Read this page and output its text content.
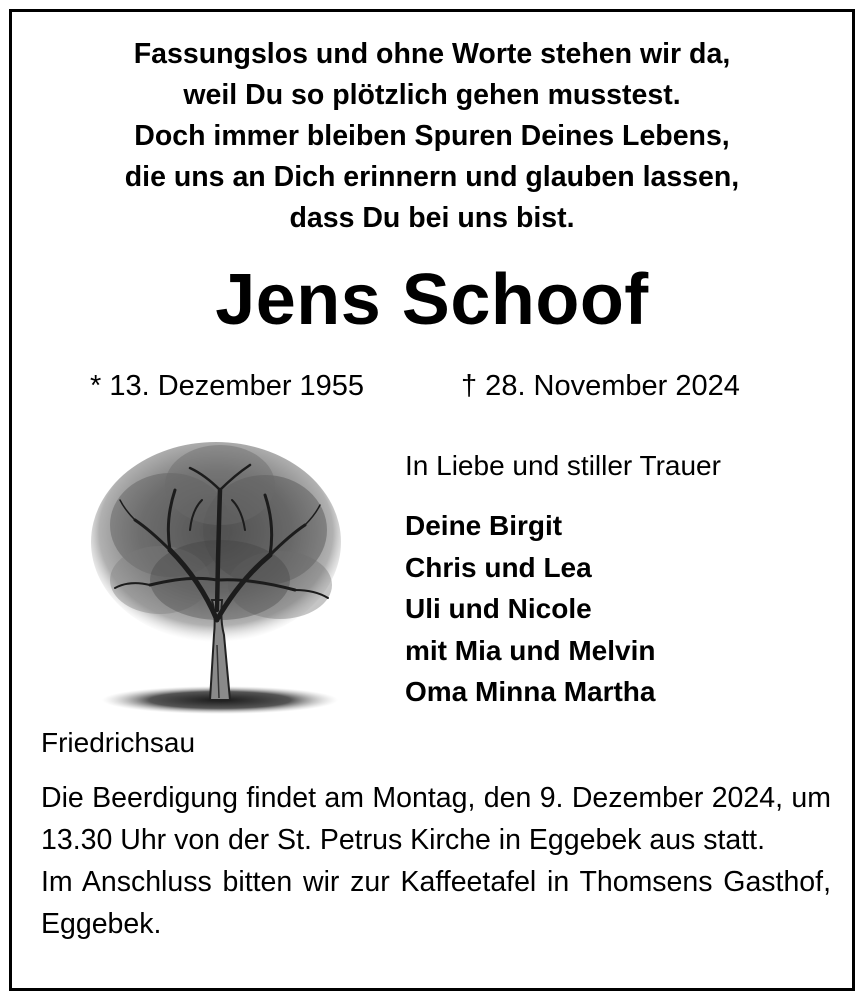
Fassungslos und ohne Worte stehen wir da,
weil Du so plötzlich gehen musstest.
Doch immer bleiben Spuren Deines Lebens,
die uns an Dich erinnern und glauben lassen,
dass Du bei uns bist.
Jens Schoof
* 13. Dezember 1955	† 28. November 2024
In Liebe und stiller Trauer
Deine Birgit
Chris und Lea
Uli und Nicole
mit Mia und Melvin
Oma Minna Martha
Friedrichsau

Die Beerdigung findet am Montag, den 9. Dezember 2024, um 13.30 Uhr von der St. Petrus Kirche in Eggebek aus statt.

Im Anschluss bitten wir zur Kaffeetafel in Thomsens Gasthof, Eggebek.
